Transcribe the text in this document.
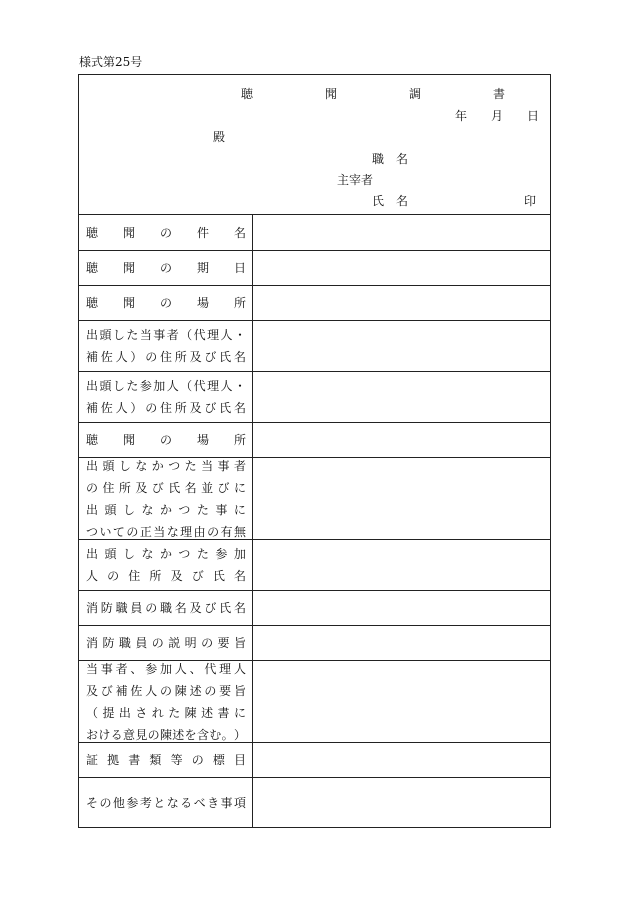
様式第25号
聴　聞　調　書
年　　月　　日
殿
職　名
主宰者
氏　名	印
聴 聞 の 件 名
聴 聞 の 期 日
聴 聞 の 場 所
出 頭 し た 当 事 者 （ 代 理 人 ・
補 佐 人 ） の 住 所 及 び 氏 名
出 頭 し た 参 加 人 （ 代 理 人 ・
補 佐 人 ） の 住 所 及 び 氏 名
聴 聞 の 場 所
出 頭 し な か つ た 当 事 者
の 住 所 及 び 氏 名 並 び に
出 頭 し な か つ た 事 に
つ い て の 正 当 な 理 由 の 有 無
出 頭 し な か つ た 参 加
人 の 住 所 及 び 氏 名
消 防 職 員 の 職 名 及 び 氏 名
消 防 職 員 の 説 明 の 要 旨
当 事 者 、 参 加 人 、 代 理 人
及 び 補 佐 人 の 陳 述 の 要 旨
（ 提 出 さ れ た 陳 述 書 に
お け る 意 見 の 陳 述 を 含 む 。 ）
証 拠 書 類 等 の 標 目
そ の 他 参 考 と な る べ き 事 項
